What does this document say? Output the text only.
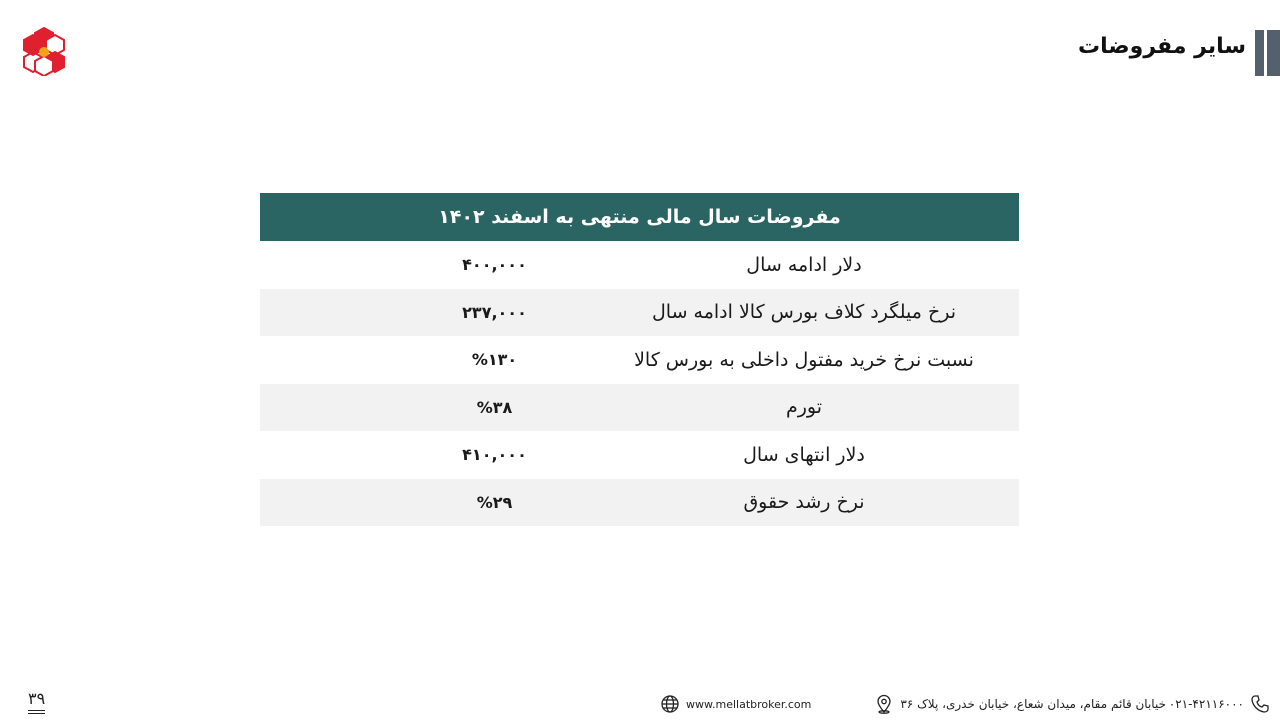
سایر مفروضات
مفروضات سال مالی منتهی به اسفند ۱۴۰۲
دلار ادامه سال
۴۰۰,۰۰۰
نرخ میلگرد کلاف بورس کالا ادامه سال
۲۳۷,۰۰۰
نسبت نرخ خرید مفتول داخلی به بورس کالا
%۱۳۰
تورم
%۳۸
دلار انتهای سال
۴۱۰,۰۰۰
نرخ رشد حقوق
%۲۹
۳۹	www.mellatbroker.com	خیابان قائم مقام، میدان شعاع، خیابان خدری، پلاک ۳۶ ۰۲۱-۴۲۱۱۶۰۰۰
